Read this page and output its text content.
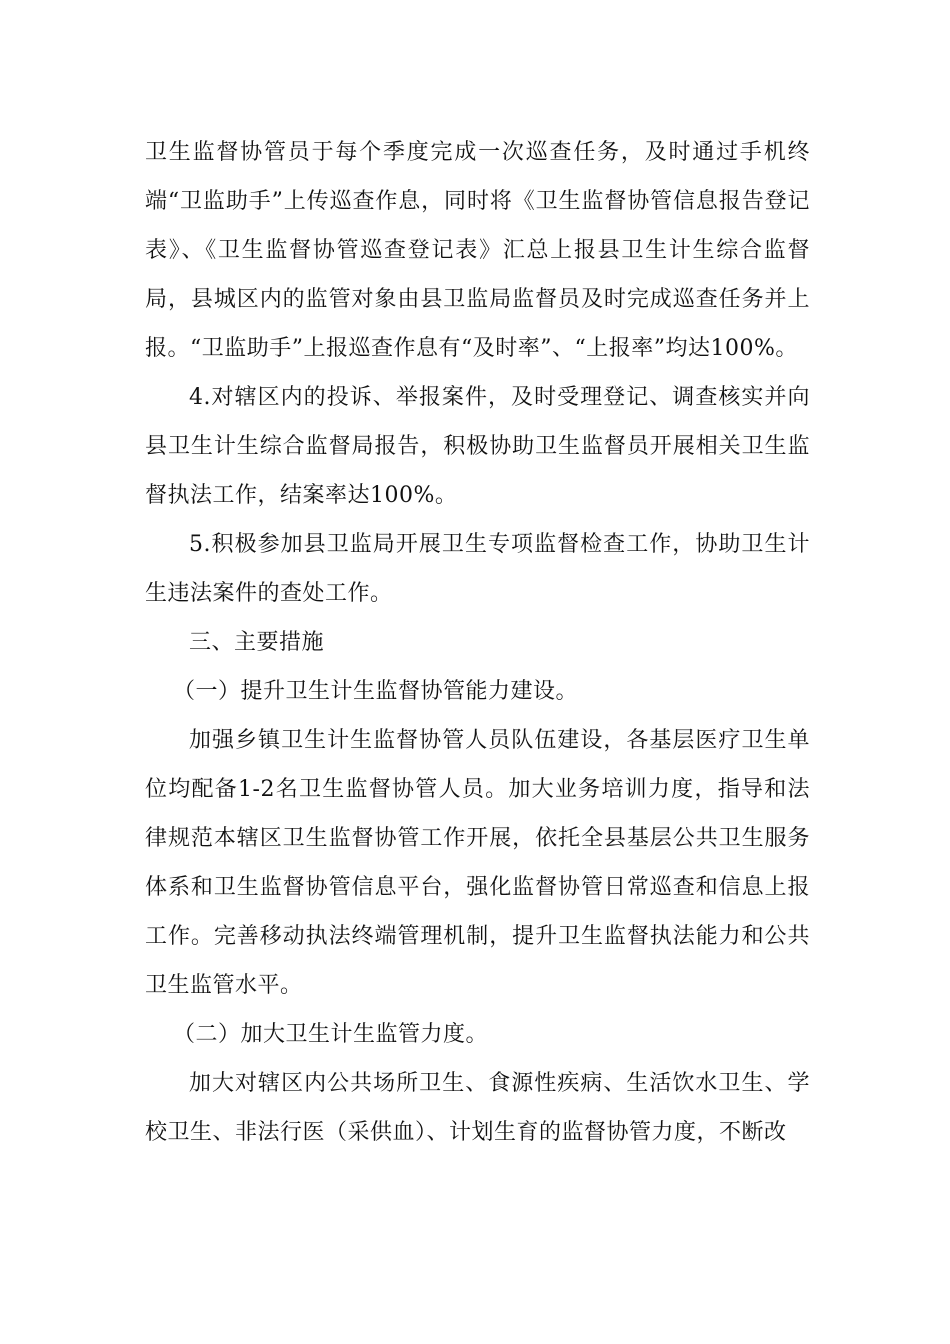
卫生监督协管员于每个季度完成一次巡查任务，及时通过手机终端“卫监助手”上传巡查作息，同时将《卫生监督协管信息报告登记表》、《卫生监督协管巡查登记表》汇总上报县卫生计生综合监督局，县城区内的监管对象由县卫监局监督员及时完成巡查任务并上报。“卫监助手”上报巡查作息有“及时率”、“上报率”均达100%。

4.对辖区内的投诉、举报案件，及时受理登记、调查核实并向县卫生计生综合监督局报告，积极协助卫生监督员开展相关卫生监督执法工作，结案率达100%。

5.积极参加县卫监局开展卫生专项监督检查工作，协助卫生计生违法案件的查处工作。

三、主要措施

（一）提升卫生计生监督协管能力建设。

加强乡镇卫生计生监督协管人员队伍建设，各基层医疗卫生单位均配备1-2名卫生监督协管人员。加大业务培训力度，指导和法律规范本辖区卫生监督协管工作开展，依托全县基层公共卫生服务体系和卫生监督协管信息平台，强化监督协管日常巡查和信息上报工作。完善移动执法终端管理机制，提升卫生监督执法能力和公共卫生监管水平。

（二）加大卫生计生监管力度。

加大对辖区内公共场所卫生、食源性疾病、生活饮水卫生、学校卫生、非法行医（采供血）、计划生育的监督协管力度，不断改
